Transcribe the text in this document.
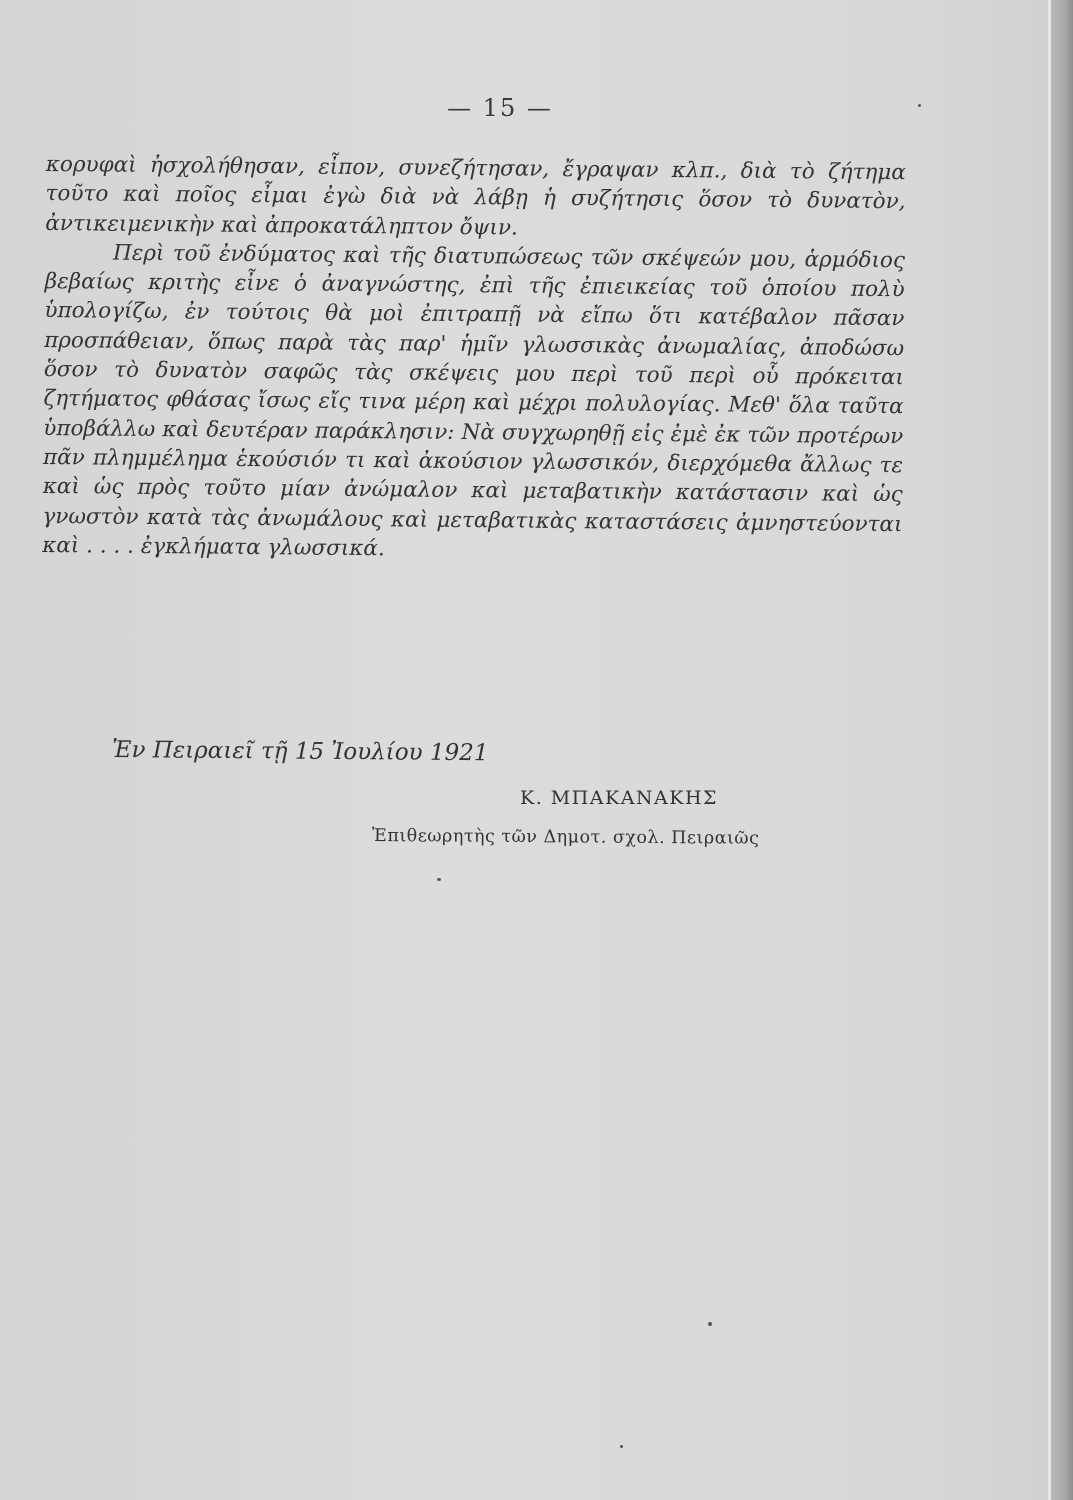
— 15 —

κορυφαὶ ἠσχολήθησαν, εἶπον, συνεζήτησαν, ἔγραψαν κλπ., διὰ τὸ ζήτημα τοῦτο καὶ ποῖος εἶμαι ἐγὼ διὰ νὰ λάβῃ ἡ συζήτησις ὅσον τὸ δυνατὸν, ἀντικειμενικὴν καὶ ἀπροκατάληπτον ὄψιν.

Περὶ τοῦ ἐνδύματος καὶ τῆς διατυπώσεως τῶν σκέψεών μου, ἁρμόδιος βεβαίως κριτὴς εἶνε ὁ ἀναγνώστης, ἐπὶ τῆς ἐπιεικείας τοῦ ὁποίου πολὺ ὑπολογίζω, ἐν τούτοις θὰ μοὶ ἐπιτραπῇ νὰ εἴπω ὅτι κατέβαλον πᾶσαν προσπάθειαν, ὅπως παρὰ τὰς παρ' ἡμῖν γλωσσικὰς ἀνωμαλίας, ἀποδώσω ὅσον τὸ δυνατὸν σαφῶς τὰς σκέψεις μου περὶ τοῦ περὶ οὗ πρόκειται ζητήματος φθάσας ἴσως εἴς τινα μέρη καὶ μέχρι πολυλογίας. Μεθ' ὅλα ταῦτα ὑποβάλλω καὶ δευτέραν παράκλησιν: Νὰ συγχωρηθῇ εἰς ἐμὲ ἐκ τῶν προτέρων πᾶν πλημμέλημα ἑκούσιόν τι καὶ ἀκούσιον γλωσσικόν, διερχόμεθα ἄλλως τε καὶ ὡς πρὸς τοῦτο μίαν ἀνώμαλον καὶ μεταβατικὴν κατάστασιν καὶ ὡς γνωστὸν κατὰ τὰς ἀνωμάλους καὶ μεταβατικὰς καταστάσεις ἀμνηστεύονται καὶ . . . . ἐγκλήματα γλωσσικά.

Ἐν Πειραιεῖ τῇ 15 Ἰουλίου 1921
Κ. ΜΠΑΚΑΝΑΚΗΣ
Ἐπιθεωρητὴς τῶν Δημοτ. σχολ. Πειραιῶς
